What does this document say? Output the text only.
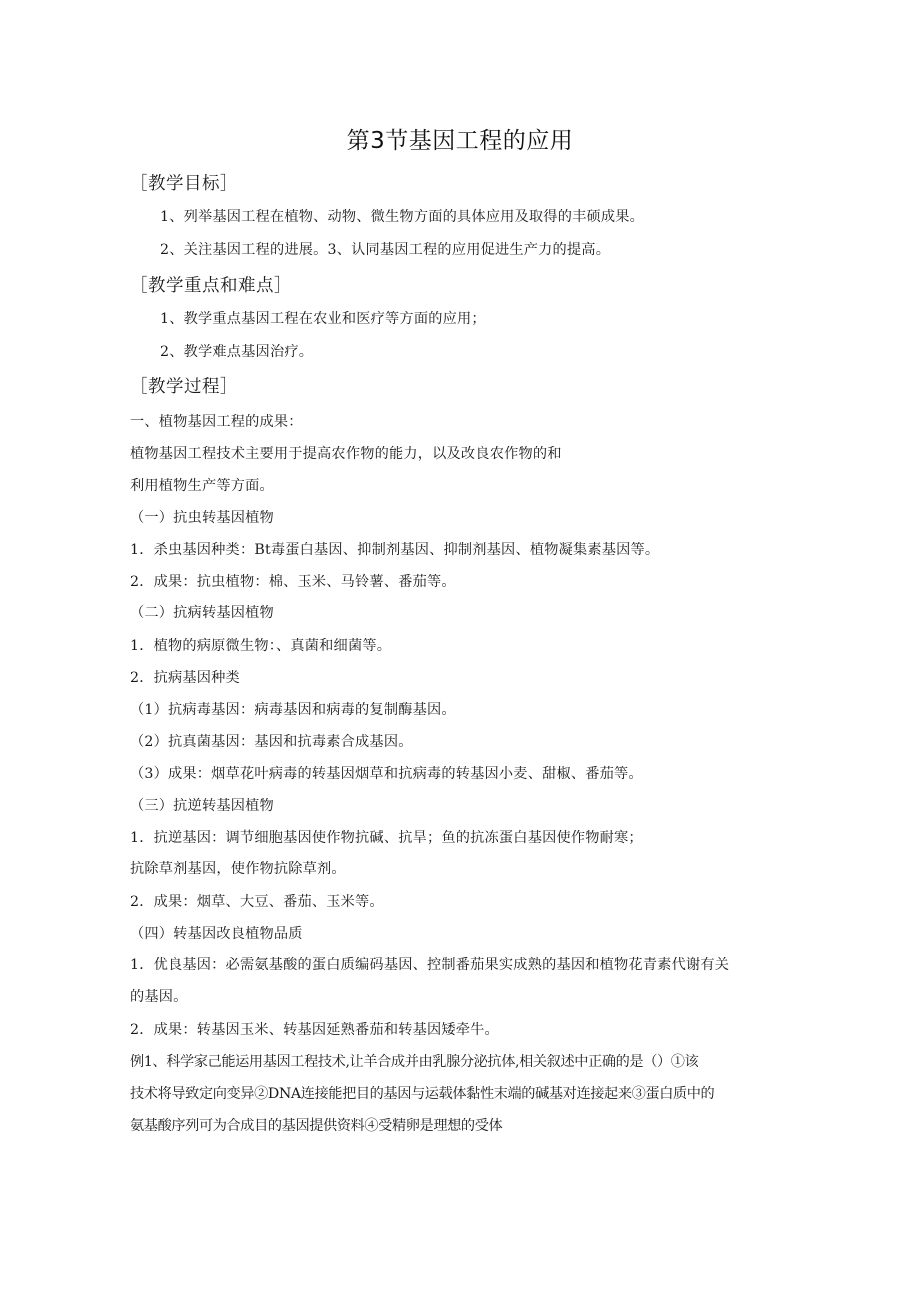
第3节基因工程的应用
［教学目标］
1、列举基因工程在植物、动物、微生物方面的具体应用及取得的丰硕成果。
2、关注基因工程的进展。3、认同基因工程的应用促进生产力的提高。
［教学重点和难点］
1、教学重点基因工程在农业和医疗等方面的应用；
2、教学难点基因治疗。
［教学过程］
一、植物基因工程的成果：
植物基因工程技术主要用于提高农作物的能力，以及改良农作物的和
利用植物生产等方面。
（一）抗虫转基因植物
1．杀虫基因种类：Bt毒蛋白基因、抑制剂基因、抑制剂基因、植物凝集素基因等。
2．成果：抗虫植物：棉、玉米、马铃薯、番茄等。
（二）抗病转基因植物
1．植物的病原微生物：、真菌和细菌等。
2．抗病基因种类
（1）抗病毒基因：病毒基因和病毒的复制酶基因。
（2）抗真菌基因：基因和抗毒素合成基因。
（3）成果：烟草花叶病毒的转基因烟草和抗病毒的转基因小麦、甜椒、番茄等。
（三）抗逆转基因植物
1．抗逆基因：调节细胞基因使作物抗碱、抗旱；鱼的抗冻蛋白基因使作物耐寒；
抗除草剂基因，使作物抗除草剂。
2．成果：烟草、大豆、番茄、玉米等。
（四）转基因改良植物品质
1．优良基因：必需氨基酸的蛋白质编码基因、控制番茄果实成熟的基因和植物花青素代谢有关
的基因。
2．成果：转基因玉米、转基因延熟番茄和转基因矮牵牛。
例1、科学家己能运用基因工程技术,让羊合成并由乳腺分泌抗体,相关叙述中正确的是（）①该
技术将导致定向变异②DNA连接能把目的基因与运载体黏性末端的碱基对连接起来③蛋白质中的
氨基酸序列可为合成目的基因提供资料④受精卵是理想的受体
